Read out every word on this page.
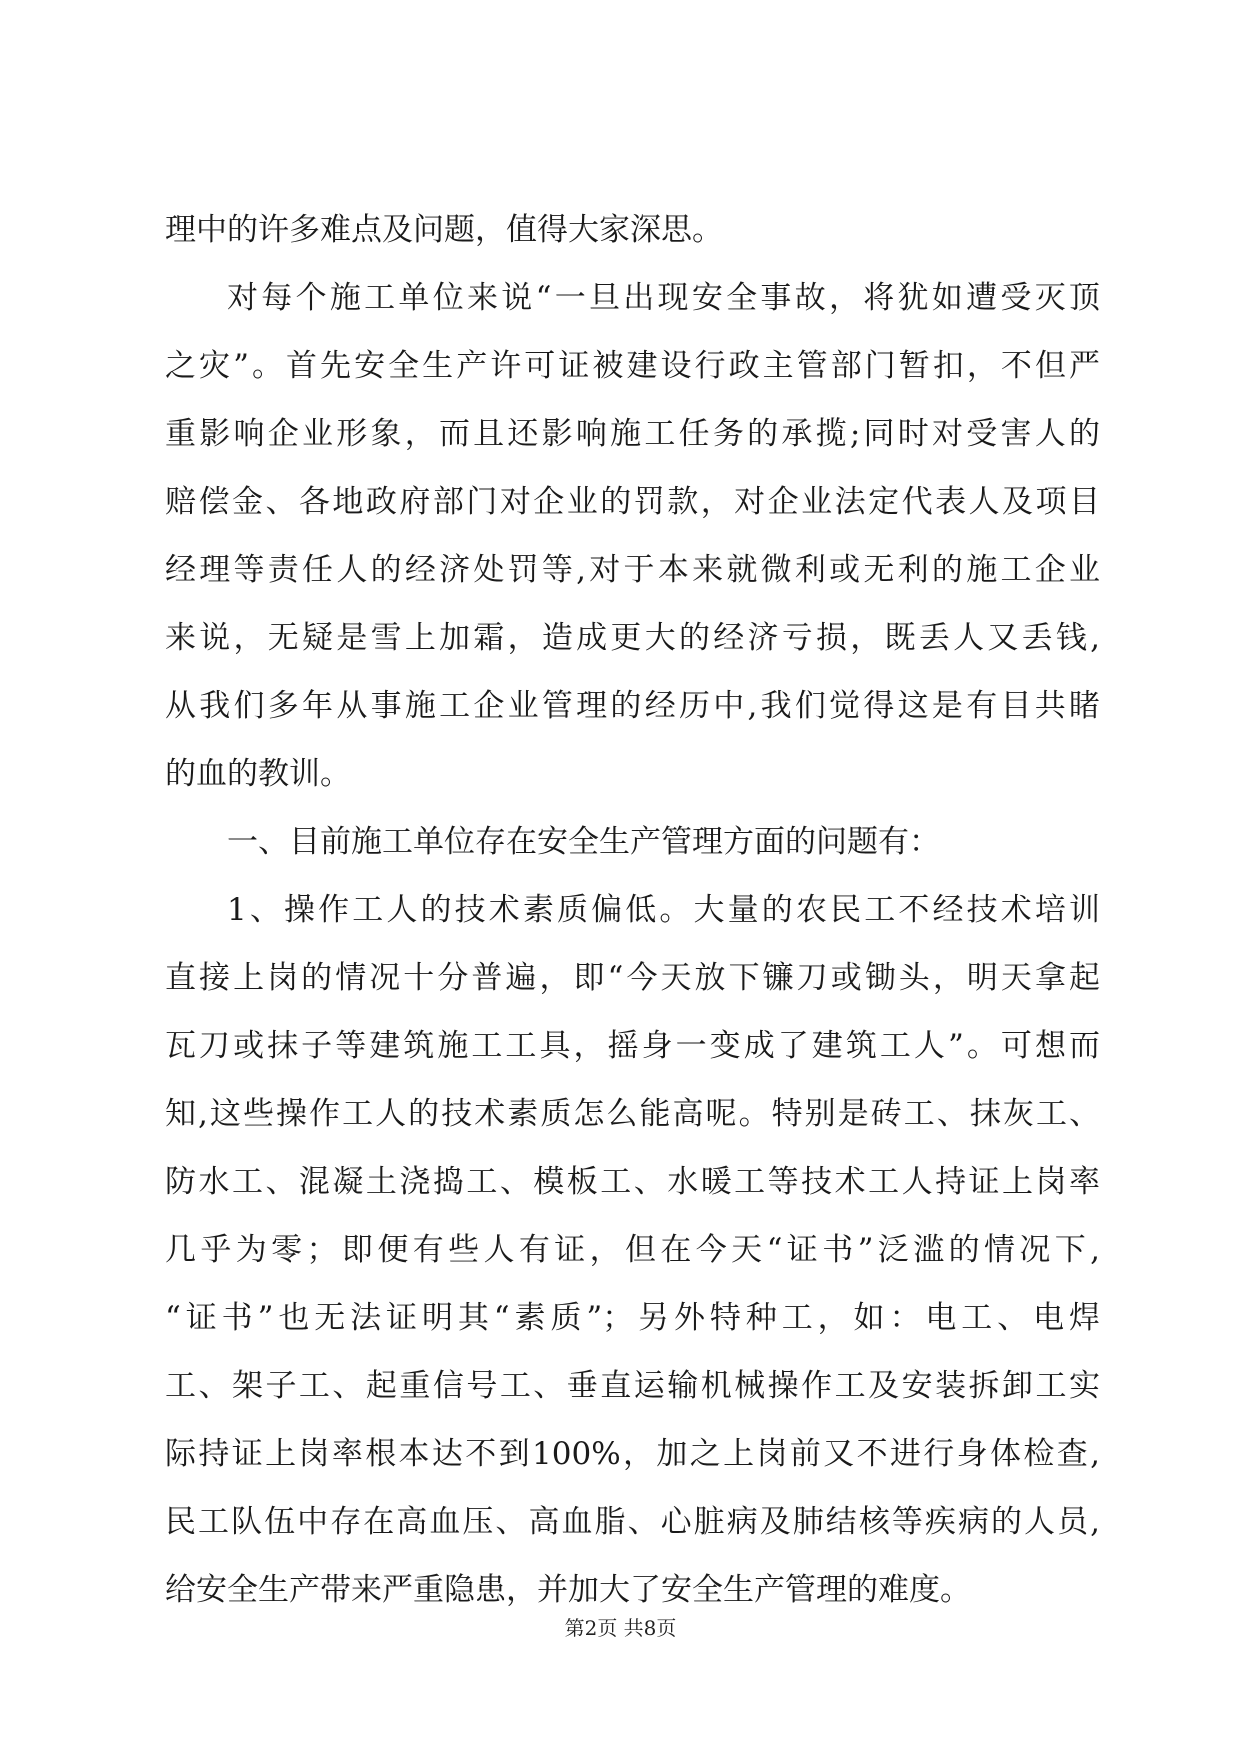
理中的许多难点及问题，值得大家深思。
对每个施工单位来说“一旦出现安全事故，将犹如遭受灭顶
之灾”。首先安全生产许可证被建设行政主管部门暂扣，不但严
重影响企业形象，而且还影响施工任务的承揽;同时对受害人的
赔偿金、各地政府部门对企业的罚款，对企业法定代表人及项目
经理等责任人的经济处罚等,对于本来就微利或无利的施工企业
来说，无疑是雪上加霜，造成更大的经济亏损，既丢人又丢钱,
从我们多年从事施工企业管理的经历中,我们觉得这是有目共睹
的血的教训。
一、目前施工单位存在安全生产管理方面的问题有：
1、操作工人的技术素质偏低。大量的农民工不经技术培训
直接上岗的情况十分普遍，即“今天放下镰刀或锄头，明天拿起
瓦刀或抹子等建筑施工工具，摇身一变成了建筑工人”。可想而
知,这些操作工人的技术素质怎么能高呢。特别是砖工、抹灰工、
防水工、混凝土浇捣工、模板工、水暖工等技术工人持证上岗率
几乎为零；即便有些人有证，但在今天“证书”泛滥的情况下,
“证书”也无法证明其“素质”；另外特种工，如：电工、电焊
工、架子工、起重信号工、垂直运输机械操作工及安装拆卸工实
际持证上岗率根本达不到100%，加之上岗前又不进行身体检查,
民工队伍中存在高血压、高血脂、心脏病及肺结核等疾病的人员,
给安全生产带来严重隐患，并加大了安全生产管理的难度。
第2页 共8页
